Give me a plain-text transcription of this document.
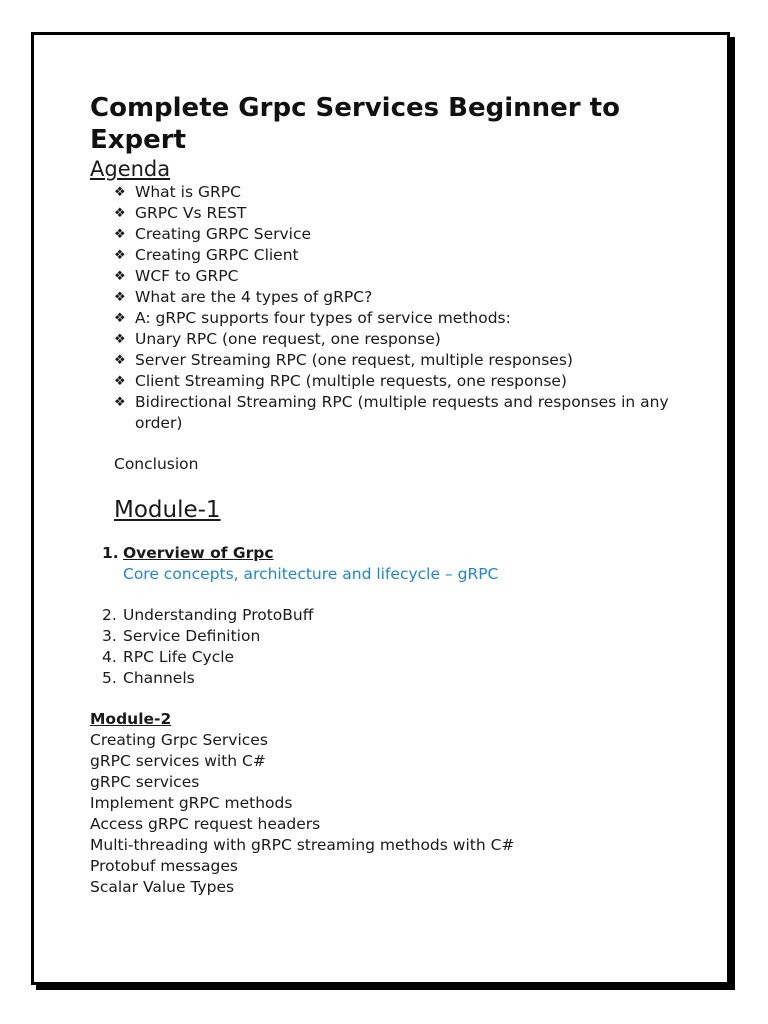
Complete Grpc Services Beginner to Expert
Agenda
❖ What is GRPC
❖ GRPC Vs REST
❖ Creating GRPC Service
❖ Creating GRPC Client
❖ WCF to GRPC
❖ What are the 4 types of gRPC?
❖ A: gRPC supports four types of service methods:
❖ Unary RPC (one request, one response)
❖ Server Streaming RPC (one request, multiple responses)
❖ Client Streaming RPC (multiple requests, one response)
❖ Bidirectional Streaming RPC (multiple requests and responses in any order)
Conclusion
Module-1
1. Overview of Grpc
Core concepts, architecture and lifecycle – gRPC
2. Understanding ProtoBuff
3. Service Definition
4. RPC Life Cycle
5. Channels
Module-2
Creating Grpc Services
gRPC services with C#
gRPC services
Implement gRPC methods
Access gRPC request headers
Multi-threading with gRPC streaming methods with C#
Protobuf messages
Scalar Value Types
